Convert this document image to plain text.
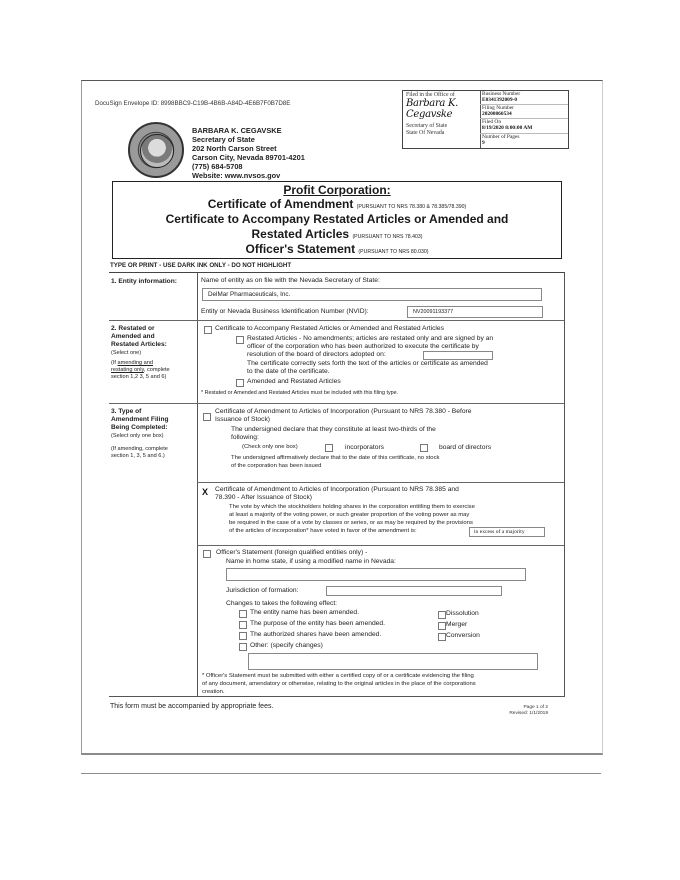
DocuSign Envelope ID: 8998BBC9-C19B-4B6B-A84D-4E6B7F0B7D8E
BARBARA K. CEGAVSKE
Secretary of State
202 North Carson Street
Carson City, Nevada 89701-4201
(775) 684-5708
Website: www.nvsos.gov
Filed in the Office of
Barbara K. Cegavske
Secretary of State
State Of Nevada
Business Number
E0341392009-0
Filing Number
20200860534
Filed On
8/19/2020 8:00:00 AM
Number of Pages
9
Profit Corporation:
Certificate of Amendment (PURSUANT TO NRS 78.380 & 78.385/78.390)
Certificate to Accompany Restated Articles or Amended and
Restated Articles (PURSUANT TO NRS 78.403)
Officer's Statement (PURSUANT TO NRS 80.030)
TYPE OR PRINT - USE DARK INK ONLY - DO NOT HIGHLIGHT
1. Entity information:	Name of entity as on file with the Nevada Secretary of State:
DelMar Pharmaceuticals, Inc.
Entity or Nevada Business Identification Number (NVID):	NV20091193377
2. Restated or
Amended and
Restated Articles:
(Select one)
(If amending and
restating only, complete
section 1,2 3, 5 and 6)
Certificate to Accompany Restated Articles or Amended and Restated Articles
Restated Articles - No amendments; articles are restated only and are signed by an
officer of the corporation who has been authorized to execute the certificate by
resolution of the board of directors adopted on:
The certificate correctly sets forth the text of the articles or certificate as amended
to the date of the certificate.
Amended and Restated Articles
* Restated or Amended and Restated Articles must be included with this filing type.
3. Type of
Amendment Filing
Being Completed:
(Select only one box)
(If amending, complete
section 1, 3, 5 and 6.)
Certificate of Amendment to Articles of Incorporation (Pursuant to NRS 78.380 - Before
Issuance of Stock)
The undersigned declare that they constitute at least two-thirds of the
following:
(Check only one box)	incorporators	board of directors
The undersigned affirmatively declare that to the date of this certificate, no stock
of the corporation has been issued
X Certificate of Amendment to Articles of Incorporation (Pursuant to NRS 78.385 and
78.390 - After Issuance of Stock)
The vote by which the stockholders holding shares in the corporation entitling them to exercise
at least a majority of the voting power, or such greater proportion of the voting power as may
be required in the case of a vote by classes or series, or as may be required by the provisions
of the articles of incorporation* have voted in favor of the amendment is:	in excess of a majority
Officer's Statement (foreign qualified entities only) -
Name in home state, if using a modified name in Nevada:
Jurisdiction of formation:
Changes to takes the following effect:
The entity name has been amended.
The purpose of the entity has been amended.
The authorized shares have been amended.
Other: (specify changes)
Dissolution
Merger
Conversion
* Officer's Statement must be submitted with either a certified copy of or a certificate evidencing the filing
of any document, amendatory or otherwise, relating to the original articles in the place of the corporations
creation.
This form must be accompanied by appropriate fees.	Page 1 of 2
Revised: 1/1/2019
